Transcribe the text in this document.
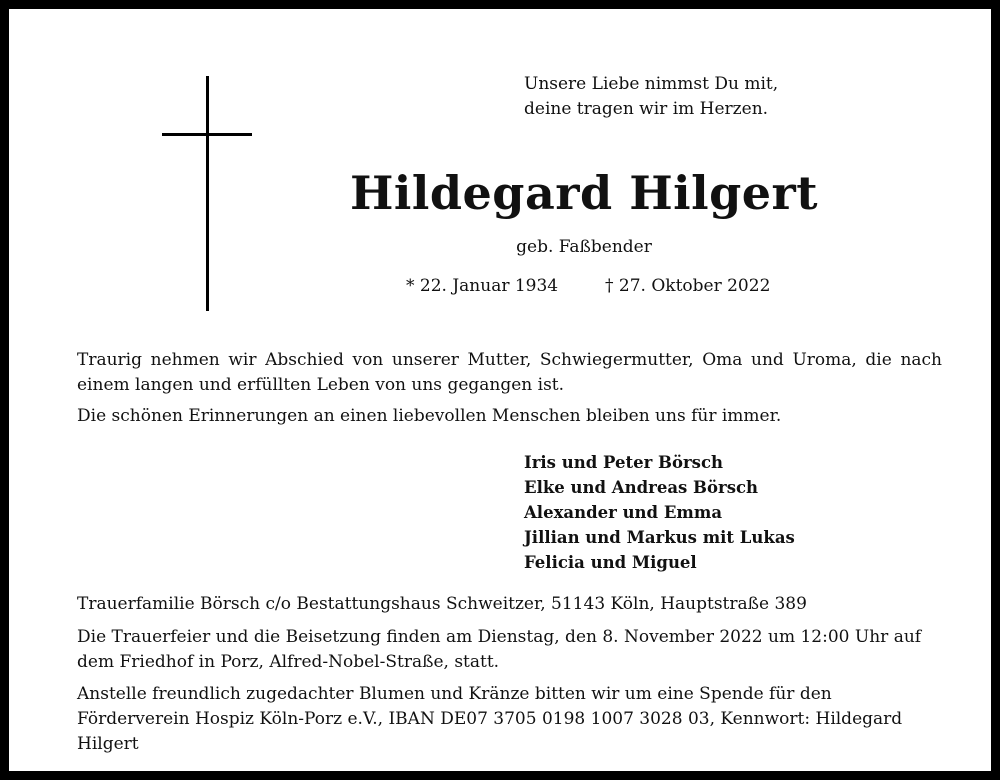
Unsere Liebe nimmst Du mit,
deine tragen wir im Herzen.
Hildegard Hilgert
geb. Faßbender
* 22. Januar 1934	† 27. Oktober 2022
Traurig nehmen wir Abschied von unserer Mutter, Schwiegermutter, Oma und Uroma, die nach einem langen und erfüllten Leben von uns gegangen ist.
Die schönen Erinnerungen an einen liebevollen Menschen bleiben uns für immer.
Iris und Peter Börsch
Elke und Andreas Börsch
Alexander und Emma
Jillian und Markus mit Lukas
Felicia und Miguel
Trauerfamilie Börsch c/o Bestattungshaus Schweitzer, 51143 Köln, Hauptstraße 389
Die Trauerfeier und die Beisetzung finden am Dienstag, den 8. November 2022 um 12:00 Uhr auf dem Friedhof in Porz, Alfred-Nobel-Straße, statt.
Anstelle freundlich zugedachter Blumen und Kränze bitten wir um eine Spende für den Förderverein Hospiz Köln-Porz e.V., IBAN DE07 3705 0198 1007 3028 03, Kennwort: Hildegard Hilgert
